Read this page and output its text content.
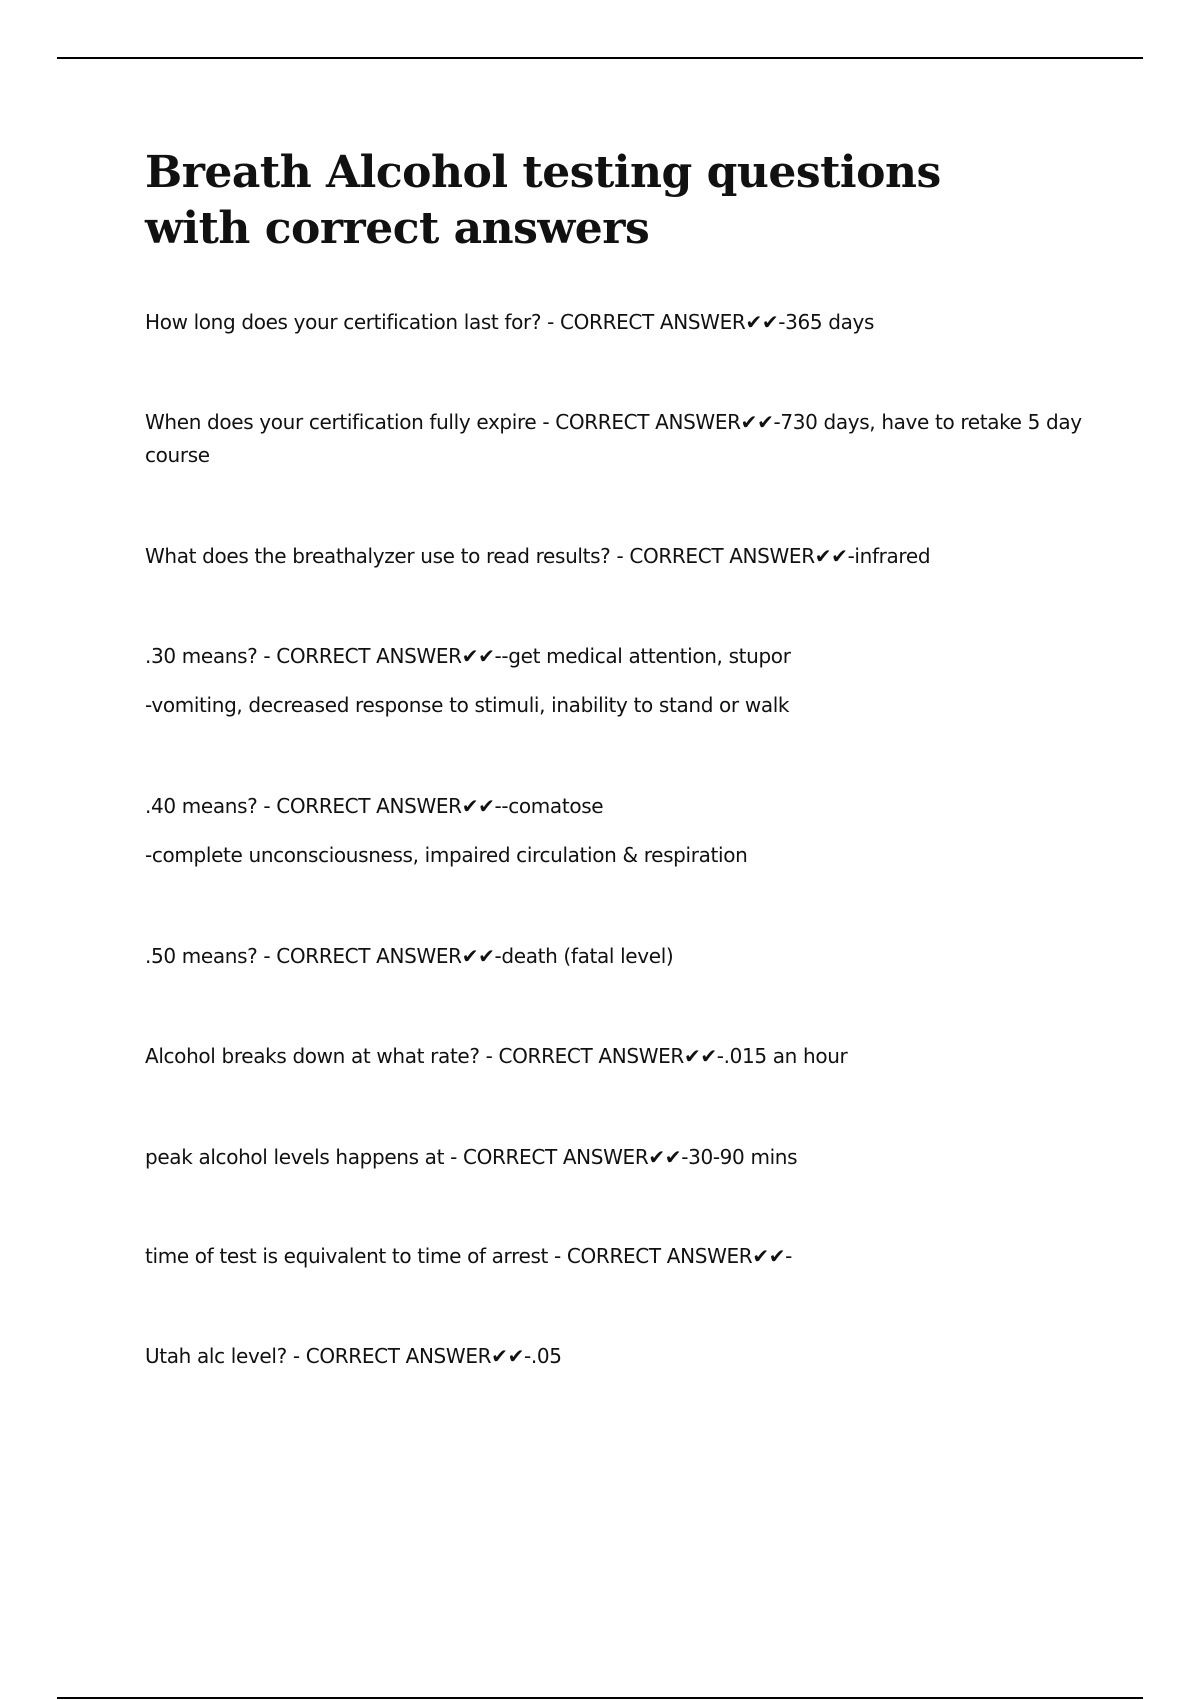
Breath Alcohol testing questions with correct answers

How long does your certification last for? - CORRECT ANSWER✔✔-365 days

When does your certification fully expire - CORRECT ANSWER✔✔-730 days, have to retake 5 day course

What does the breathalyzer use to read results? - CORRECT ANSWER✔✔-infrared

.30 means? - CORRECT ANSWER✔✔--get medical attention, stupor
-vomiting, decreased response to stimuli, inability to stand or walk

.40 means? - CORRECT ANSWER✔✔--comatose
-complete unconsciousness, impaired circulation & respiration

.50 means? - CORRECT ANSWER✔✔-death (fatal level)

Alcohol breaks down at what rate? - CORRECT ANSWER✔✔-.015 an hour

peak alcohol levels happens at - CORRECT ANSWER✔✔-30-90 mins

time of test is equivalent to time of arrest - CORRECT ANSWER✔✔-

Utah alc level? - CORRECT ANSWER✔✔-.05
